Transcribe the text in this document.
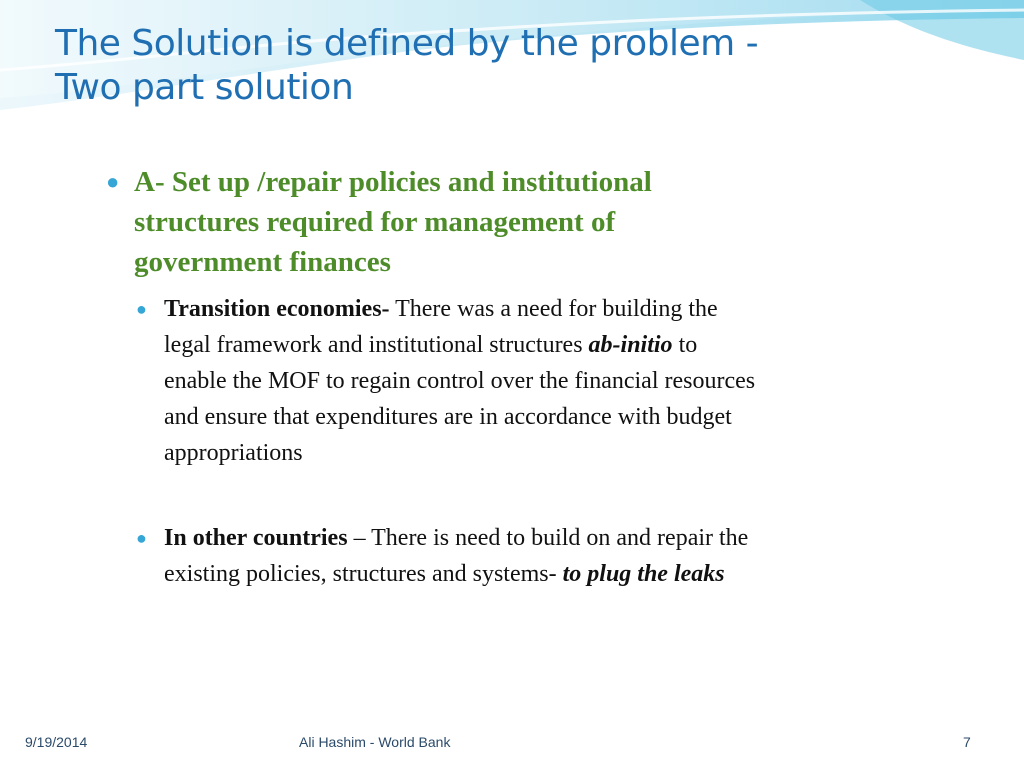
The Solution is defined by the problem -
Two part solution
● A- Set up /repair policies and institutional
structures required for management of
government finances
● Transition economies- There was a need for building the
legal framework and institutional structures ab-initio to
enable the MOF to regain control over the financial resources
and ensure that expenditures are in accordance with budget
appropriations
● In other countries – There is need to build on and repair the
existing policies, structures and systems- to plug the leaks
9/19/2014	Ali Hashim - World Bank	7
